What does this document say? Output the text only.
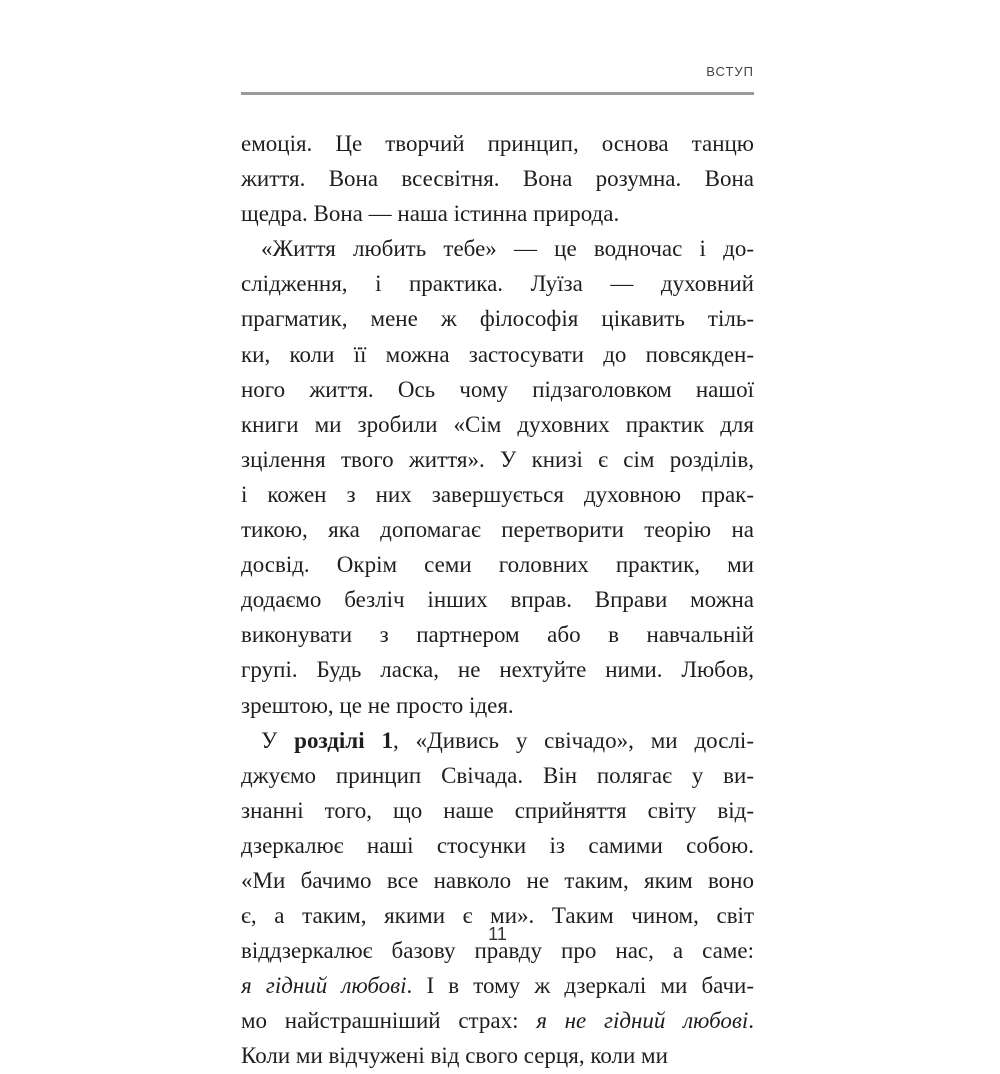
ВСТУП
емоція. Це творчий принцип, основа танцю
життя. Вона всесвітня. Вона розумна. Вона
щедра. Вона — наша істинна природа.
«Життя любить тебе» — це водночас і до-
слідження, і практика. Луїза — духовний
прагматик, мене ж філософія цікавить тіль-
ки, коли її можна застосувати до повсякден-
ного життя. Ось чому підзаголовком нашої
книги ми зробили «Сім духовних практик для
зцілення твого життя». У книзі є сім розділів,
і кожен з них завершується духовною прак-
тикою, яка допомагає перетворити теорію на
досвід. Окрім семи головних практик, ми
додаємо безліч інших вправ. Вправи можна
виконувати з партнером або в навчальній
групі. Будь ласка, не нехтуйте ними. Любов,
зрештою, це не просто ідея.
У розділі 1, «Дивись у свічадо», ми дослі-
джуємо принцип Свічада. Він полягає у ви-
знанні того, що наше сприйняття світу від-
дзеркалює наші стосунки із самими собою.
«Ми бачимо все навколо не таким, яким воно
є, а таким, якими є ми». Таким чином, світ
віддзеркалює базову правду про нас, а саме:
я гідний любові. І в тому ж дзеркалі ми бачи-
мо найстрашніший страх: я не гідний любові.
Коли ми відчужені від свого серця, коли ми
11
